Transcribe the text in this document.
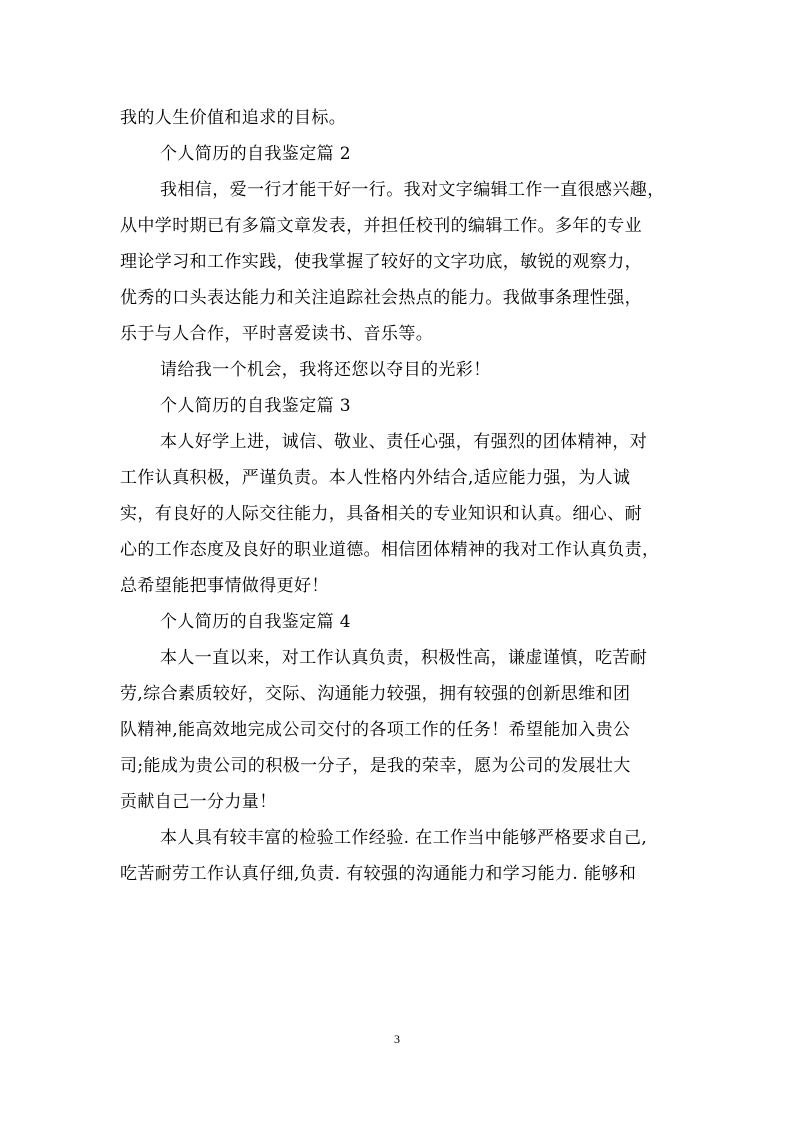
我的人生价值和追求的目标。
个人简历的自我鉴定篇 2
我相信，爱一行才能干好一行。我对文字编辑工作一直很感兴趣，
从中学时期已有多篇文章发表，并担任校刊的编辑工作。多年的专业
理论学习和工作实践，使我掌握了较好的文字功底，敏锐的观察力，
优秀的口头表达能力和关注追踪社会热点的能力。我做事条理性强，
乐于与人合作，平时喜爱读书、音乐等。
请给我一个机会，我将还您以夺目的光彩！
个人简历的自我鉴定篇 3
本人好学上进，诚信、敬业、责任心强，有强烈的团体精神，对
工作认真积极，严谨负责。本人性格内外结合,适应能力强，为人诚
实，有良好的人际交往能力，具备相关的专业知识和认真。细心、耐
心的工作态度及良好的职业道德。相信团体精神的我对工作认真负责，
总希望能把事情做得更好！
个人简历的自我鉴定篇 4
本人一直以来，对工作认真负责，积极性高，谦虚谨慎，吃苦耐
劳,综合素质较好，交际、沟通能力较强，拥有较强的创新思维和团
队精神,能高效地完成公司交付的各项工作的任务！希望能加入贵公
司;能成为贵公司的积极一分子，是我的荣幸，愿为公司的发展壮大
贡献自己一分力量！
本人具有较丰富的检验工作经验. 在工作当中能够严格要求自己,
吃苦耐劳工作认真仔细,负责. 有较强的沟通能力和学习能力. 能够和
3
